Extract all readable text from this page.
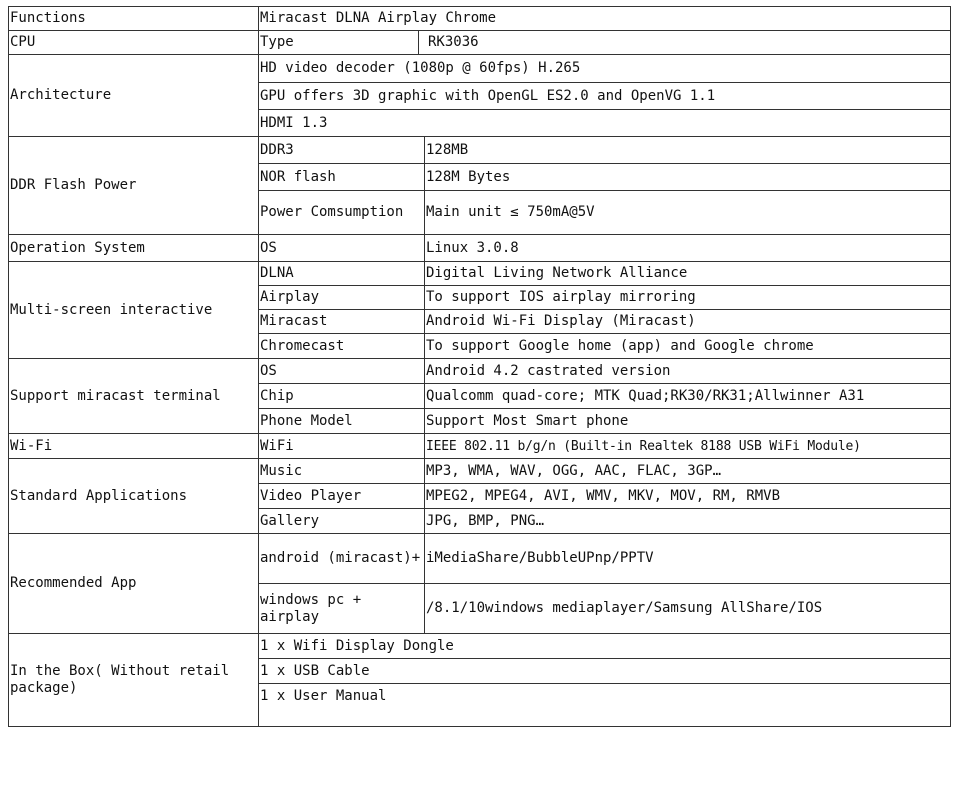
Functions	Miracast DLNA Airplay Chrome		
CPU	Type	RK3036	
Architecture	HD video decoder (1080p @ 60fps) H.265		
	GPU offers 3D graphic with OpenGL ES2.0 and OpenVG 1.1		
	HDMI 1.3		
DDR Flash Power	DDR3		128MB
	NOR flash		128M Bytes
	Power Comsumption		Main unit ≤ 750mA@5V
Operation System	OS		Linux 3.0.8
Multi-screen interactive	DLNA		Digital Living Network Alliance
	Airplay		To support IOS airplay mirroring
	Miracast		Android Wi-Fi Display (Miracast)
	Chromecast		To support Google home (app) and Google chrome
Support miracast terminal	OS		Android 4.2 castrated version
	Chip		Qualcomm quad-core; MTK Quad;RK30/RK31;Allwinner A31
	Phone Model		Support Most Smart phone
Wi-Fi	WiFi		IEEE 802.11 b/g/n (Built-in Realtek 8188 USB WiFi Module)
Standard Applications	Music		MP3, WMA, WAV, OGG, AAC, FLAC, 3GP…
	Video Player		MPEG2, MPEG4, AVI, WMV, MKV, MOV, RM, RMVB
	Gallery		JPG, BMP, PNG…
Recommended App	android (miracast)+		iMediaShare/BubbleUPnp/PPTV
	windows pc + airplay		/8.1/10windows mediaplayer/Samsung AllShare/IOS
In the Box( Without retail package)	1 x Wifi Display Dongle		
	1 x USB Cable		
	1 x User Manual		
